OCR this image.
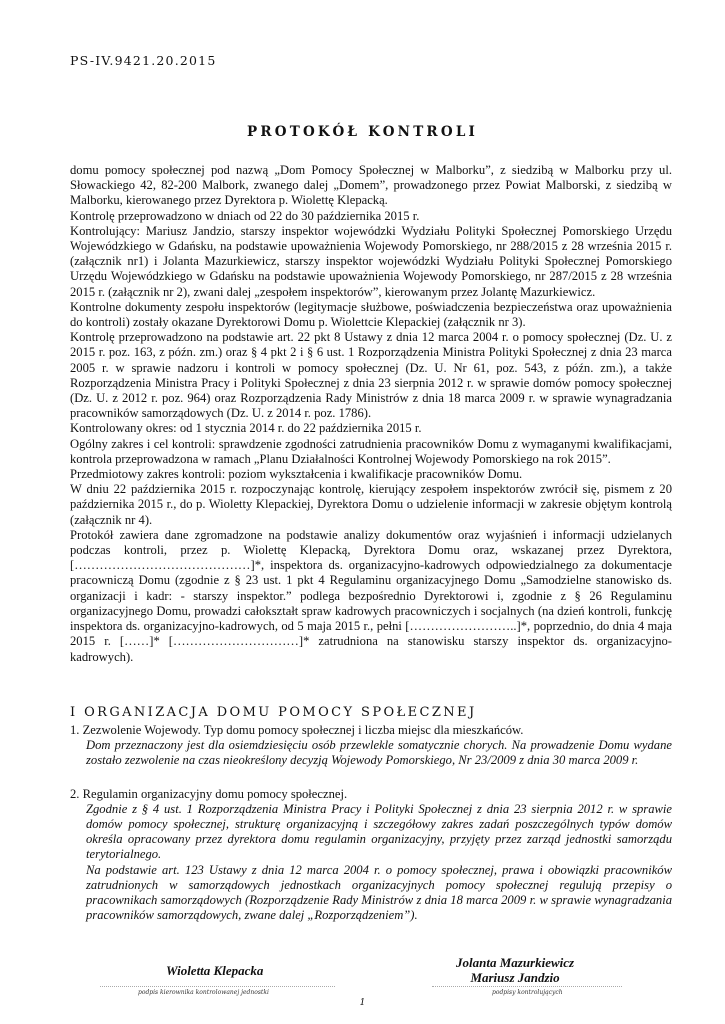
PS-IV.9421.20.2015
PROTOKÓŁ KONTROLI

domu pomocy społecznej pod nazwą „Dom Pomocy Społecznej w Malborku”, z siedzibą w Malborku przy ul. Słowackiego 42, 82-200 Malbork, zwanego dalej „Domem”, prowadzonego przez Powiat Malborski, z siedzibą w Malborku, kierowanego przez Dyrektora p. Wiolettę Klepacką.

Kontrolę przeprowadzono w dniach od 22 do 30 października 2015 r.

Kontrolujący: Mariusz Jandzio, starszy inspektor wojewódzki Wydziału Polityki Społecznej Pomorskiego Urzędu Wojewódzkiego w Gdańsku, na podstawie upoważnienia Wojewody Pomorskiego, nr 288/2015 z 28 września 2015 r. (załącznik nr1) i Jolanta Mazurkiewicz, starszy inspektor wojewódzki Wydziału Polityki Społecznej Pomorskiego Urzędu Wojewódzkiego w Gdańsku na podstawie upoważnienia Wojewody Pomorskiego, nr 287/2015 z 28 września 2015 r. (załącznik nr 2), zwani dalej „zespołem inspektorów”, kierowanym przez Jolantę Mazurkiewicz.

Kontrolne dokumenty zespołu inspektorów (legitymacje służbowe, poświadczenia bezpieczeństwa oraz upoważnienia do kontroli) zostały okazane Dyrektorowi Domu p. Wiolettcie Klepackiej (załącznik nr 3).

Kontrolę przeprowadzono na podstawie art. 22 pkt 8 Ustawy z dnia 12 marca 2004 r. o pomocy społecznej (Dz. U. z 2015 r. poz. 163, z późn. zm.) oraz § 4 pkt 2 i § 6 ust. 1 Rozporządzenia Ministra Polityki Społecznej z dnia 23 marca 2005 r. w sprawie nadzoru i kontroli w pomocy społecznej (Dz. U. Nr 61, poz. 543, z późn. zm.), a także Rozporządzenia Ministra Pracy i Polityki Społecznej z dnia 23 sierpnia 2012 r. w sprawie domów pomocy społecznej (Dz. U. z 2012 r. poz. 964) oraz Rozporządzenia Rady Ministrów z dnia 18 marca 2009 r. w sprawie wynagradzania pracowników samorządowych (Dz. U. z 2014 r. poz. 1786).

Kontrolowany okres: od 1 stycznia 2014 r. do 22 października 2015 r.

Ogólny zakres i cel kontroli: sprawdzenie zgodności zatrudnienia pracowników Domu z wymaganymi kwalifikacjami, kontrola przeprowadzona w ramach „Planu Działalności Kontrolnej Wojewody Pomorskiego na rok 2015”.

Przedmiotowy zakres kontroli: poziom wykształcenia i kwalifikacje pracowników Domu.

W dniu 22 października 2015 r. rozpoczynając kontrolę, kierujący zespołem inspektorów zwrócił się, pismem z 20 października 2015 r., do p. Wioletty Klepackiej, Dyrektora Domu o udzielenie informacji w zakresie objętym kontrolą (załącznik nr 4).

Protokół zawiera dane zgromadzone na podstawie analizy dokumentów oraz wyjaśnień i informacji udzielanych podczas kontroli, przez p. Wiolettę Klepacką, Dyrektora Domu oraz, wskazanej przez Dyrektora, [……………………………………]*, inspektora ds. organizacyjno-kadrowych odpowiedzialnego za dokumentacje pracowniczą Domu (zgodnie z § 23 ust. 1 pkt 4 Regulaminu organizacyjnego Domu „Samodzielne stanowisko ds. organizacji i kadr: - starszy inspektor.” podlega bezpośrednio Dyrektorowi i, zgodnie z § 26 Regulaminu organizacyjnego Domu, prowadzi całokształt spraw kadrowych pracowniczych i socjalnych (na dzień kontroli, funkcję inspektora ds. organizacyjno-kadrowych, od 5 maja 2015 r., pełni [……………………..]*, poprzednio, do dnia 4 maja 2015 r. [……]* […………………………]* zatrudniona na stanowisku starszy inspektor ds. organizacyjno-kadrowych).

I ORGANIZACJA DOMU POMOCY SPOŁECZNEJ

1. Zezwolenie Wojewody. Typ domu pomocy społecznej i liczba miejsc dla mieszkańców.

Dom przeznaczony jest dla osiemdziesięciu osób przewlekle somatycznie chorych. Na prowadzenie Domu wydane zostało zezwolenie na czas nieokreślony decyzją Wojewody Pomorskiego, Nr 23/2009 z dnia 30 marca 2009 r.

2. Regulamin organizacyjny domu pomocy społecznej.

Zgodnie z § 4 ust. 1 Rozporządzenia Ministra Pracy i Polityki Społecznej z dnia 23 sierpnia 2012 r. w sprawie domów pomocy społecznej, strukturę organizacyjną i szczegółowy zakres zadań poszczególnych typów domów określa opracowany przez dyrektora domu regulamin organizacyjny, przyjęty przez zarząd jednostki samorządu terytorialnego.

Na podstawie art. 123 Ustawy z dnia 12 marca 2004 r. o pomocy społecznej, prawa i obowiązki pracowników zatrudnionych w samorządowych jednostkach organizacyjnych pomocy społecznej regulują przepisy o pracownikach samorządowych (Rozporządzenie Rady Ministrów z dnia 18 marca 2009 r. w sprawie wynagradzania pracowników samorządowych, zwane dalej „Rozporządzeniem”).

Wioletta Klepacka
Jolanta Mazurkiewicz
Mariusz Jandzio
podpis kierownika kontrolowanej jednostki	podpisy kontrolujących
1
